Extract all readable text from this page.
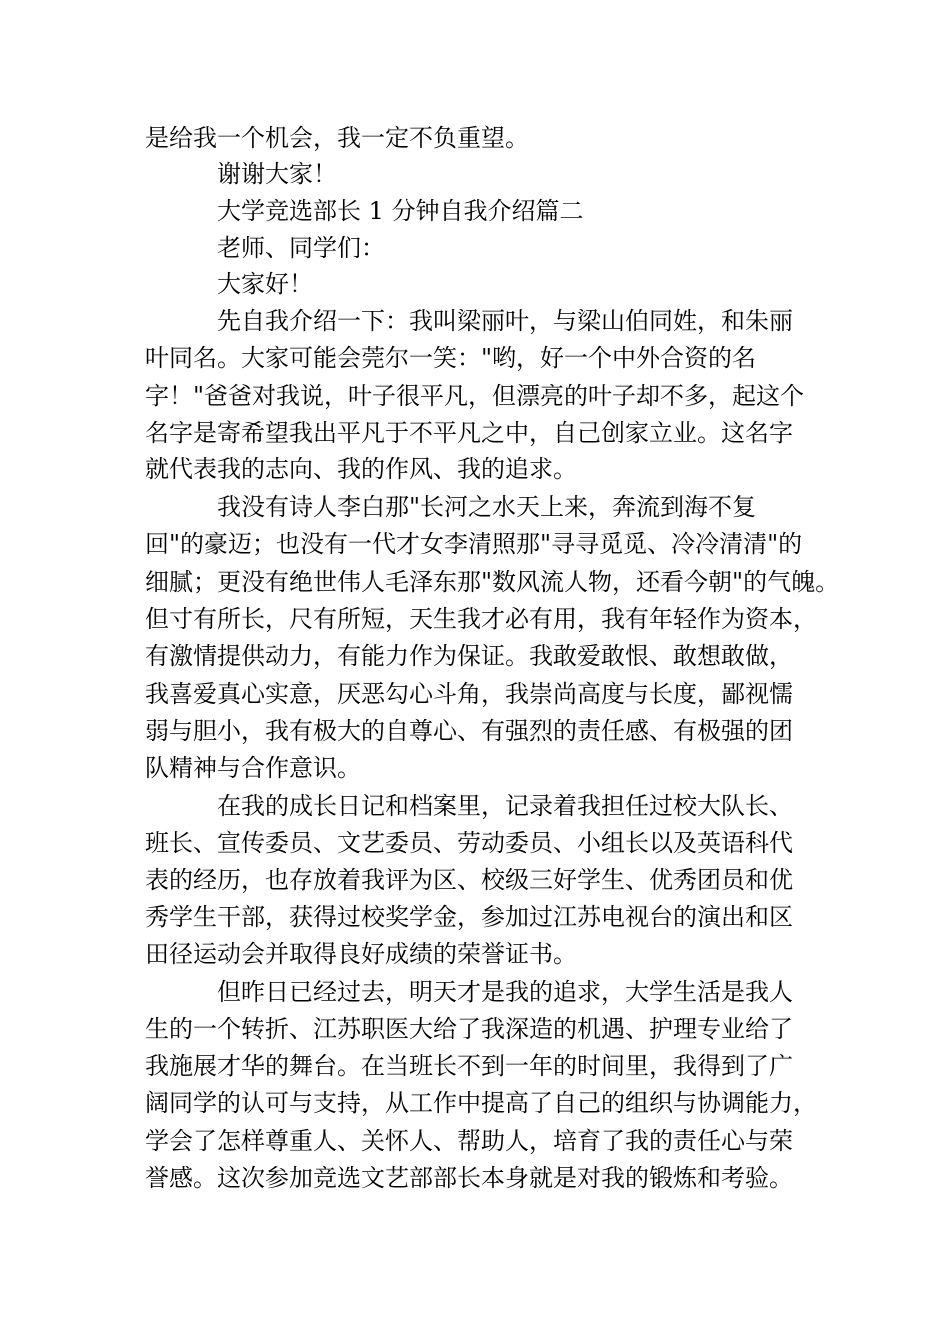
是给我一个机会，我一定不负重望。
谢谢大家！
大学竞选部长 1 分钟自我介绍篇二
老师、同学们：
大家好！
先自我介绍一下：我叫梁丽叶，与梁山伯同姓，和朱丽
叶同名。大家可能会莞尔一笑："哟，好一个中外合资的名
字！"爸爸对我说，叶子很平凡，但漂亮的叶子却不多，起这个
名字是寄希望我出平凡于不平凡之中，自己创家立业。这名字
就代表我的志向、我的作风、我的追求。
我没有诗人李白那"长河之水天上来，奔流到海不复
回"的豪迈；也没有一代才女李清照那"寻寻觅觅、冷冷清清"的
细腻；更没有绝世伟人毛泽东那"数风流人物，还看今朝"的气魄。
但寸有所长，尺有所短，天生我才必有用，我有年轻作为资本，
有激情提供动力，有能力作为保证。我敢爱敢恨、敢想敢做，
我喜爱真心实意，厌恶勾心斗角，我崇尚高度与长度，鄙视懦
弱与胆小，我有极大的自尊心、有强烈的责任感、有极强的团
队精神与合作意识。
在我的成长日记和档案里，记录着我担任过校大队长、
班长、宣传委员、文艺委员、劳动委员、小组长以及英语科代
表的经历，也存放着我评为区、校级三好学生、优秀团员和优
秀学生干部，获得过校奖学金，参加过江苏电视台的演出和区
田径运动会并取得良好成绩的荣誉证书。
但昨日已经过去，明天才是我的追求，大学生活是我人
生的一个转折、江苏职医大给了我深造的机遇、护理专业给了
我施展才华的舞台。在当班长不到一年的时间里，我得到了广
阔同学的认可与支持，从工作中提高了自己的组织与协调能力，
学会了怎样尊重人、关怀人、帮助人，培育了我的责任心与荣
誉感。这次参加竞选文艺部部长本身就是对我的锻炼和考验。
